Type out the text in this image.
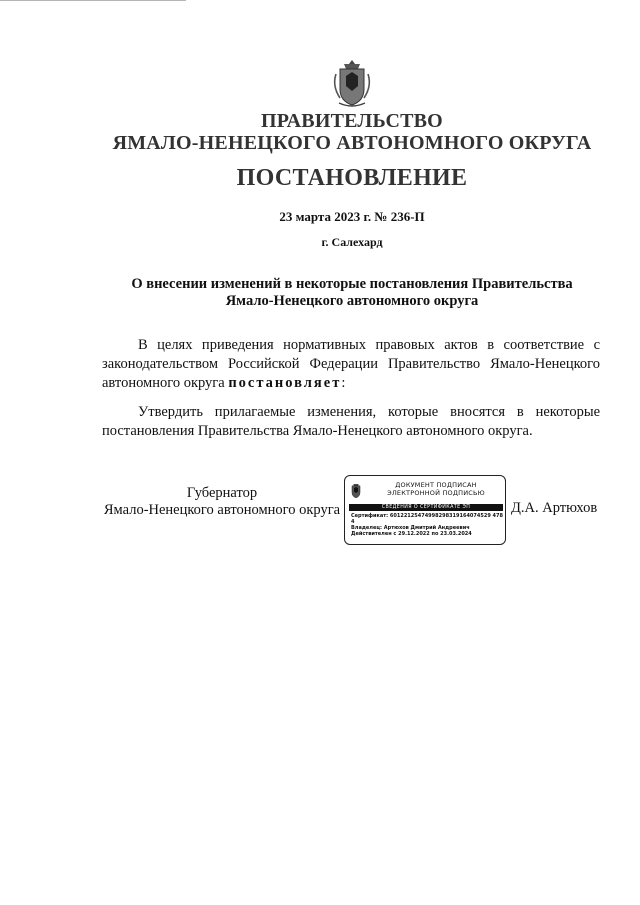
ПРАВИТЕЛЬСТВО
ЯМАЛО-НЕНЕЦКОГО АВТОНОМНОГО ОКРУГА
ПОСТАНОВЛЕНИЕ
23 марта 2023 г. № 236-П
г. Салехард
О внесении изменений в некоторые постановления Правительства
Ямало-Ненецкого автономного округа

В целях приведения нормативных правовых актов в соответствие с законодательством Российской Федерации Правительство Ямало-Ненецкого автономного округа постановляет:

Утвердить прилагаемые изменения, которые вносятся в некоторые постановления Правительства Ямало-Ненецкого автономного округа.

Губернатор
Ямало-Ненецкого автономного округа	Д.А. Артюхов
ДОКУМЕНТ ПОДПИСАН
ЭЛЕКТРОННОЙ ПОДПИСЬЮ
СВЕДЕНИЯ О СЕРТИФИКАТЕ ЭП
Сертификат: 60122125474998298319164074529 4784
Владелец: Артюхов Дмитрий Андреевич
Действителен с 29.12.2022 по 23.03.2024
